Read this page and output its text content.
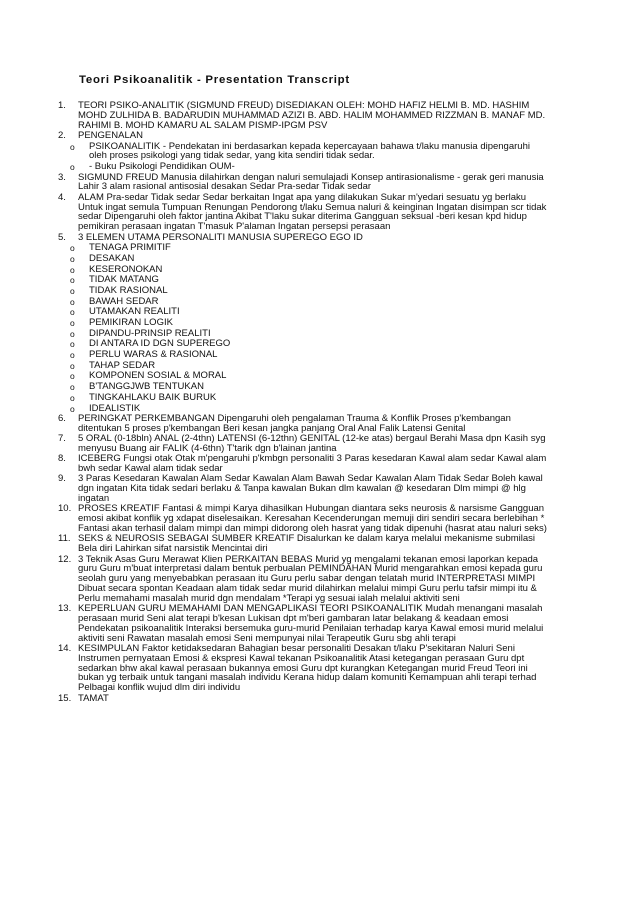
Teori Psikoanalitik - Presentation Transcript
1. TEORI PSIKO-ANALITIK (SIGMUND FREUD) DISEDIAKAN OLEH: MOHD HAFIZ HELMI B. MD. HASHIM
MOHD ZULHIDA B. BADARUDIN MUHAMMAD AZIZI B. ABD. HALIM MOHAMMED RIZZMAN B. MANAF MD.
RAHIMI B. MOHD KAMARU AL SALAM PISMP-IPGM PSV
2. PENGENALAN
o PSIKOANALITIK - Pendekatan ini berdasarkan kepada kepercayaan bahawa t/laku manusia dipengaruhi
oleh proses psikologi yang tidak sedar, yang kita sendiri tidak sedar.
o - Buku Psikologi Pendidikan OUM-
3. SIGMUND FREUD Manusia dilahirkan dengan naluri semulajadi Konsep antirasionalisme - gerak geri manusia
Lahir 3 alam rasional antisosial desakan Sedar Pra-sedar Tidak sedar
4. ALAM Pra-sedar Tidak sedar Sedar berkaitan Ingat apa yang dilakukan Sukar m'yedari sesuatu yg berlaku
Untuk ingat semula Tumpuan Renungan Pendorong t/laku Semua naluri & keinginan Ingatan disimpan scr tidak
sedar Dipengaruhi oleh faktor jantina Akibat T'laku sukar diterima Gangguan seksual -beri kesan kpd hidup
pemikiran perasaan ingatan T'masuk P'alaman Ingatan persepsi perasaan
5. 3 ELEMEN UTAMA PERSONALITI MANUSIA SUPEREGO EGO ID
o TENAGA PRIMITIF
o DESAKAN
o KESERONOKAN
o TIDAK MATANG
o TIDAK RASIONAL
o BAWAH SEDAR
o UTAMAKAN REALITI
o PEMIKIRAN LOGIK
o DIPANDU-PRINSIP REALITI
o DI ANTARA ID DGN SUPEREGO
o PERLU WARAS & RASIONAL
o TAHAP SEDAR
o KOMPONEN SOSIAL & MORAL
o B'TANGGJWB TENTUKAN
o TINGKAHLAKU BAIK BURUK
o IDEALISTIK
6. PERINGKAT PERKEMBANGAN Dipengaruhi oleh pengalaman Trauma & Konflik Proses p'kembangan
ditentukan 5 proses p'kembangan Beri kesan jangka panjang Oral Anal Falik Latensi Genital
7. 5 ORAL (0-18bln) ANAL (2-4thn) LATENSI (6-12thn) GENITAL (12-ke atas) bergaul Berahi Masa dpn Kasih syg
menyusu Buang air FALIK (4-6thn) T'tarik dgn b'lainan jantina
8. ICEBERG Fungsi otak Otak m'pengaruhi p'kmbgn personaliti 3 Paras kesedaran Kawal alam sedar Kawal alam
bwh sedar Kawal alam tidak sedar
9. 3 Paras Kesedaran Kawalan Alam Sedar Kawalan Alam Bawah Sedar Kawalan Alam Tidak Sedar Boleh kawal
dgn ingatan Kita tidak sedari berlaku & Tanpa kawalan Bukan dlm kawalan @ kesedaran Dlm mimpi @ hlg
ingatan
10. PROSES KREATIF Fantasi & mimpi Karya dihasilkan Hubungan diantara seks neurosis & narsisme Gangguan
emosi akibat konflik yg xdapat diselesaikan. Keresahan Kecenderungan memuji diri sendiri secara berlebihan *
Fantasi akan terhasil dalam mimpi dan mimpi didorong oleh hasrat yang tidak dipenuhi (hasrat atau naluri seks)
11. SEKS & NEUROSIS SEBAGAI SUMBER KREATIF Disalurkan ke dalam karya melalui mekanisme submilasi
Bela diri Lahirkan sifat narsistik Mencintai diri
12. 3 Teknik Asas Guru Merawat Klien PERKAITAN BEBAS Murid yg mengalami tekanan emosi laporkan kepada
guru Guru m'buat interpretasi dalam bentuk perbualan PEMINDAHAN Murid mengarahkan emosi kepada guru
seolah guru yang menyebabkan perasaan itu Guru perlu sabar dengan telatah murid INTERPRETASI MIMPI
Dibuat secara spontan Keadaan alam tidak sedar murid dilahirkan melalui mimpi Guru perlu tafsir mimpi itu &
Perlu memahami masalah murid dgn mendalam *Terapi yg sesuai ialah melalui aktiviti seni
13. KEPERLUAN GURU MEMAHAMI DAN MENGAPLIKASI TEORI PSIKOANALITIK Mudah menangani masalah
perasaan murid Seni alat terapi b'kesan Lukisan dpt m'beri gambaran latar belakang & keadaan emosi
Pendekatan psikoanalitik Interaksi bersemuka guru-murid Penilaian terhadap karya Kawal emosi murid melalui
aktiviti seni Rawatan masalah emosi Seni mempunyai nilai Terapeutik Guru sbg ahli terapi
14. KESIMPULAN Faktor ketidaksedaran Bahagian besar personaliti Desakan t/laku P'sekitaran Naluri Seni
Instrumen pernyataan Emosi & ekspresi Kawal tekanan Psikoanalitik Atasi ketegangan perasaan Guru dpt
sedarkan bhw akal kawal perasaan bukannya emosi Guru dpt kurangkan Ketegangan murid Freud Teori ini
bukan yg terbaik untuk tangani masalah individu Kerana hidup dalam komuniti Kemampuan ahli terapi terhad
Pelbagai konflik wujud dlm diri individu
15. TAMAT
